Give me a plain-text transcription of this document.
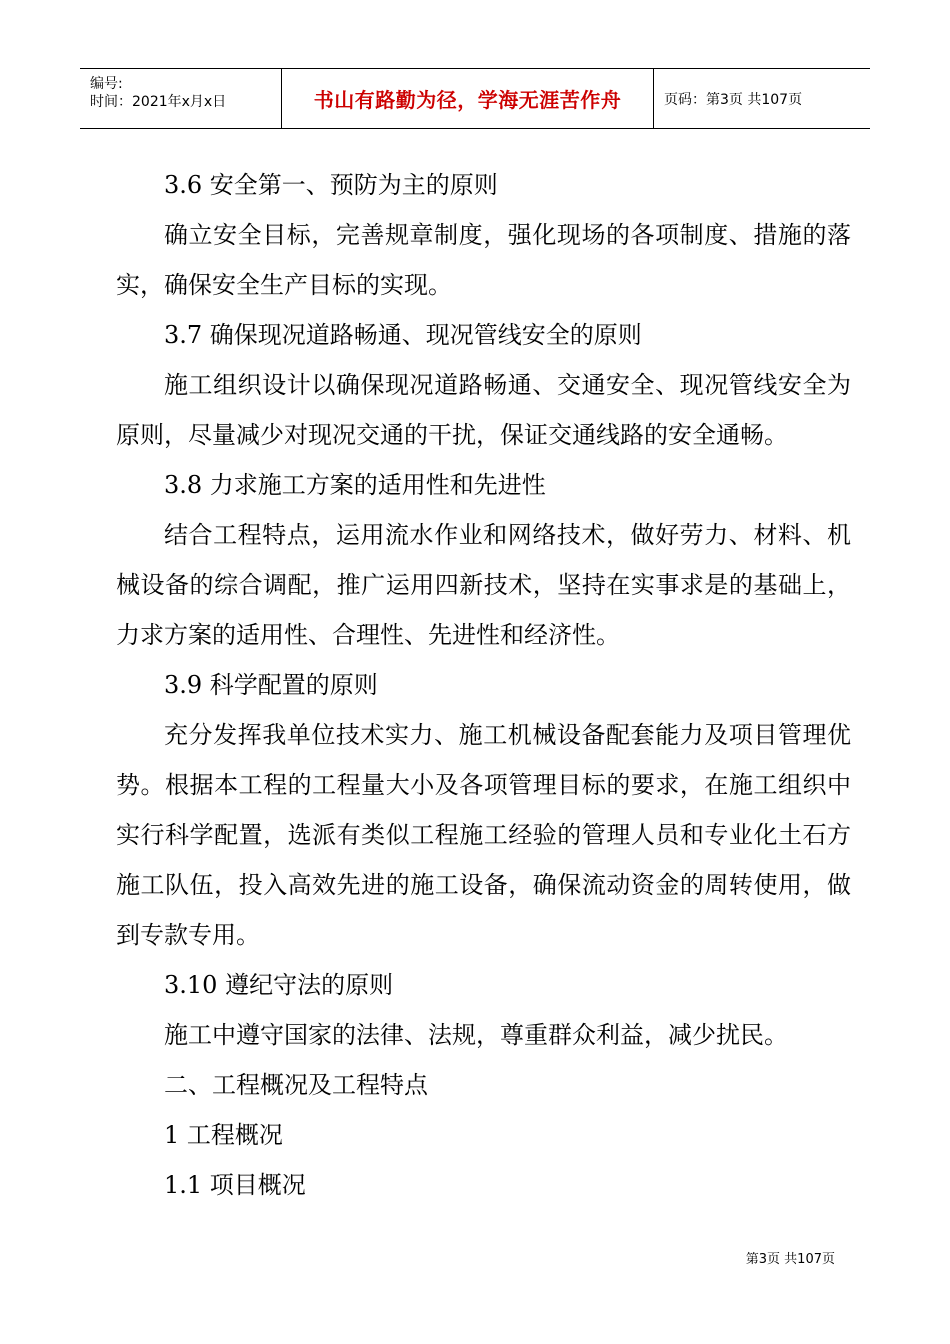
编号:
时间：2021年x月x日	书山有路勤为径，学海无涯苦作舟	页码：第3页 共107页

3.6 安全第一、预防为主的原则

确立安全目标，完善规章制度，强化现场的各项制度、措施的落实，确保安全生产目标的实现。

3.7 确保现况道路畅通、现况管线安全的原则

施工组织设计以确保现况道路畅通、交通安全、现况管线安全为原则，尽量减少对现况交通的干扰，保证交通线路的安全通畅。

3.8 力求施工方案的适用性和先进性

结合工程特点，运用流水作业和网络技术，做好劳力、材料、机械设备的综合调配，推广运用四新技术，坚持在实事求是的基础上，力求方案的适用性、合理性、先进性和经济性。

3.9 科学配置的原则

充分发挥我单位技术实力、施工机械设备配套能力及项目管理优势。根据本工程的工程量大小及各项管理目标的要求，在施工组织中实行科学配置，选派有类似工程施工经验的管理人员和专业化土石方施工队伍，投入高效先进的施工设备，确保流动资金的周转使用，做到专款专用。

3.10 遵纪守法的原则

施工中遵守国家的法律、法规，尊重群众利益，减少扰民。

二、工程概况及工程特点

1 工程概况

1.1 项目概况

第3页 共107页
